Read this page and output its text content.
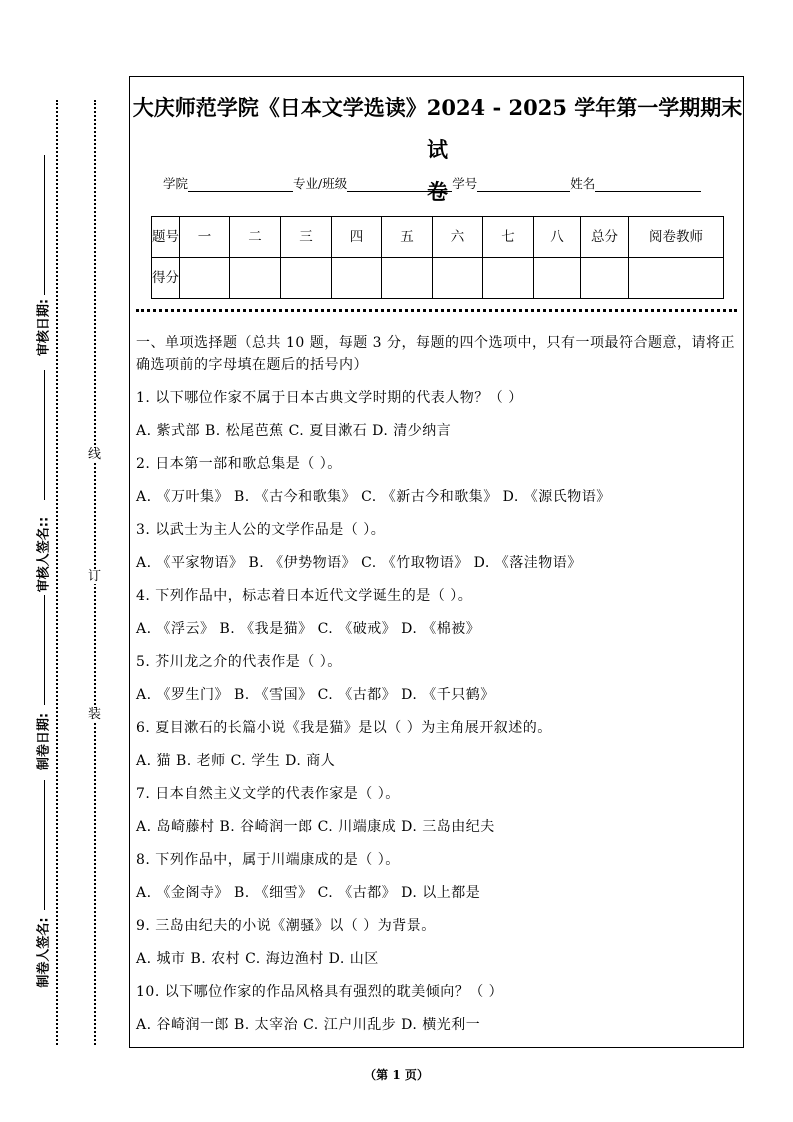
审核日期:
审核人签名::
制卷日期:
制卷人签名:
线
订
装
大庆师范学院《日本文学选读》2024 - 2025 学年第一学期期末试
卷
学院	专业/班级	学号	姓名
题号	一	二	三	四	五	六	七	八	总分	阅卷教师
得分										
一、单项选择题（总共 10 题，每题 3 分，每题的四个选项中，只有一项最符合题意，请将正确选项前的字母填在题后的括号内）
1. 以下哪位作家不属于日本古典文学时期的代表人物？（ ）
A. 紫式部 B. 松尾芭蕉 C. 夏目漱石 D. 清少纳言
2. 日本第一部和歌总集是（ ）。
A. 《万叶集》 B. 《古今和歌集》 C. 《新古今和歌集》 D. 《源氏物语》
3. 以武士为主人公的文学作品是（ ）。
A. 《平家物语》 B. 《伊势物语》 C. 《竹取物语》 D. 《落洼物语》
4. 下列作品中，标志着日本近代文学诞生的是（ ）。
A. 《浮云》 B. 《我是猫》 C. 《破戒》 D. 《棉被》
5. 芥川龙之介的代表作是（ ）。
A. 《罗生门》 B. 《雪国》 C. 《古都》 D. 《千只鹤》
6. 夏目漱石的长篇小说《我是猫》是以（ ）为主角展开叙述的。
A. 猫 B. 老师 C. 学生 D. 商人
7. 日本自然主义文学的代表作家是（ ）。
A. 岛崎藤村 B. 谷崎润一郎 C. 川端康成 D. 三岛由纪夫
8. 下列作品中，属于川端康成的是（ ）。
A. 《金阁寺》 B. 《细雪》 C. 《古都》 D. 以上都是
9. 三岛由纪夫的小说《潮骚》以（ ）为背景。
A. 城市 B. 农村 C. 海边渔村 D. 山区
10. 以下哪位作家的作品风格具有强烈的耽美倾向？（ ）
A. 谷崎润一郎 B. 太宰治 C. 江户川乱步 D. 横光利一
（第 1 页）
